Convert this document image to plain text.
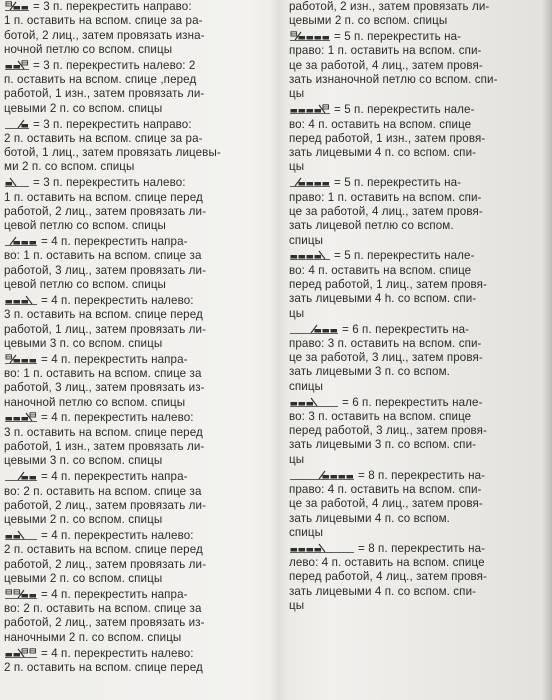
= 3 п. перекрестить направо:

1 п. оставить на вспом. спице за ра-

ботой, 2 лиц., затем провязать изна-

ночной петлю со вспом. спицы

= 3 п. перекрестить налево: 2

п. оставить на вспом. спице ,перед

работой, 1 изн., затем провязать ли-

цевыми 2 п. со вспом. спицы

= 3 п. перекрестить направо:

2 п. оставить на вспом. спице за ра-

ботой, 1 лиц., затем провязать лицевы-

ми 2 п. со вспом. спицы

= 3 п. перекрестить налево:

1 п. оставить на вспом. спице перед

работой, 2 лиц., затем провязать ли-

цевой петлю со вспом. спицы

= 4 п. перекрестить напра-

во: 1 п. оставить на вспом. спице за

работой, 3 лиц., затем провязать ли-

цевой петлю со вспом. спицы

= 4 п. перекрестить налево:

3 п. оставить на вспом. спице перед

работой, 1 лиц., затем провязать ли-

цевыми 3 п. со вспом. спицы

= 4 п. перекрестить напра-

во: 1 п. оставить на вспом. спице за

работой, 3 лиц., затем провязать из-

наночной петлю со вспом. спицы

= 4 п. перекрестить налево:

3 п. оставить на вспом. спице перед

работой, 1 изн., затем провязать ли-

цевыми 3 п. со вспом. спицы

= 4 п. перекрестить напра-

во: 2 п. оставить на вспом. спице за

работой, 2 лиц., затем провязать ли-

цевыми 2 п. со вспом. спицы

= 4 п. перекрестить налево:

2 п. оставить на вспом. спице перед

работой, 2 лиц., затем провязать ли-

цевыми 2 п. со вспом. спицы

= 4 п. перекрестить напра-

во: 2 п. оставить на вспом. спице за

работой, 2 лиц., затем провязать из-

наночными 2 п. со вспом. спицы

= 4 п. перекрестить налево:

2 п. оставить на вспом. спице перед

работой, 2 изн., затем провязать ли-

цевыми 2 п. со вспом. спицы

= 5 п. перекрестить на-

право: 1 п. оставить на вспом. спи-

це за работой, 4 лиц., затем провя-

зать изнаночной петлю со вспом. спи-

цы

= 5 п. перекрестить нале-

во: 4 п. оставить на вспом. спице

перед работой, 1 изн., затем провя-

зать лицевыми 4 п. со вспом. спи-

цы

= 5 п. перекрестить на-

право: 1 п. оставить на вспом. спи-

це за работой, 4 лиц., затем провя-

зать лицевой петлю со вспом.

спицы

= 5 п. перекрестить нале-

во: 4 п. оставить на вспом. спице

перед работой, 1 лиц., затем провя-

зать лицевыми 4 h. со вспом. спи-

цы

= 6 п. перекрестить на-

право: 3 п. оставить на вспом. спи-

це за работой, 3 лиц., затем провя-

зать лицевыми 3 п. со вспом.

спицы

= 6 п. перекрестить нале-

во: 3 п. оставить на вспом. спице

перед работой, 3 лиц., затем провя-

зать лицевыми 3 п. со вспом. спи-

цы

= 8 п. перекрестить на-

право: 4 п. оставить на вспом. спи-

це за работой, 4 лиц., затем провя-

зать лицевыми 4 п. со вспом.

спицы

= 8 п. перекрестить на-

лево: 4 п. оставить на вспом. спице

перед работой, 4 лиц., затем провя-

зать лицевыми 4 п. со вспом. спи-

цы
